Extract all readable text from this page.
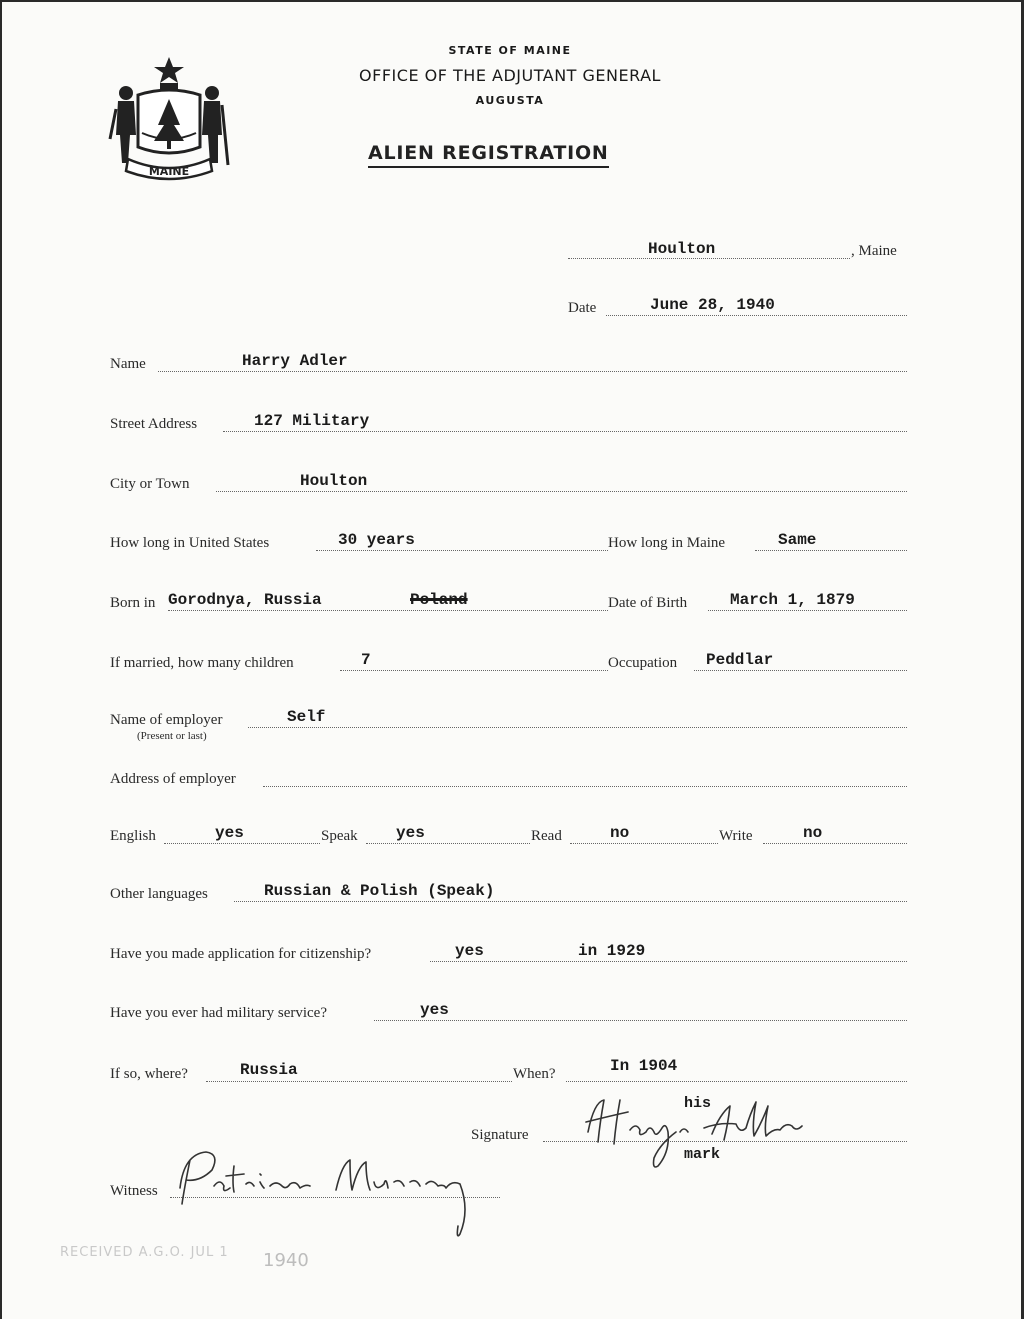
MAINE
STATE OF MAINE
OFFICE OF THE ADJUTANT GENERAL
AUGUSTA
ALIEN REGISTRATION
Houlton	, Maine
Date	June 28, 1940
Name	Harry Adler
Street Address	127 Military
City or Town	Houlton
How long in United States	30 years	How long in Maine	Same
Born in Gorodnya, Russia	Poland	Date of Birth	March 1, 1879
If married, how many children	7	Occupation Peddlar
Name of employer
(Present or last)
Self
Address of employer
English	yes	Speak yes	Read	no	Write	no
Other languages	Russian & Polish (Speak)
Have you made application for citizenship?	yes	in 1929
Have you ever had military service?	yes
If so, where?	Russia	When?	In 1904
his
Signature
mark
Witness
RECEIVED A.G.O. JUL 1 1940
